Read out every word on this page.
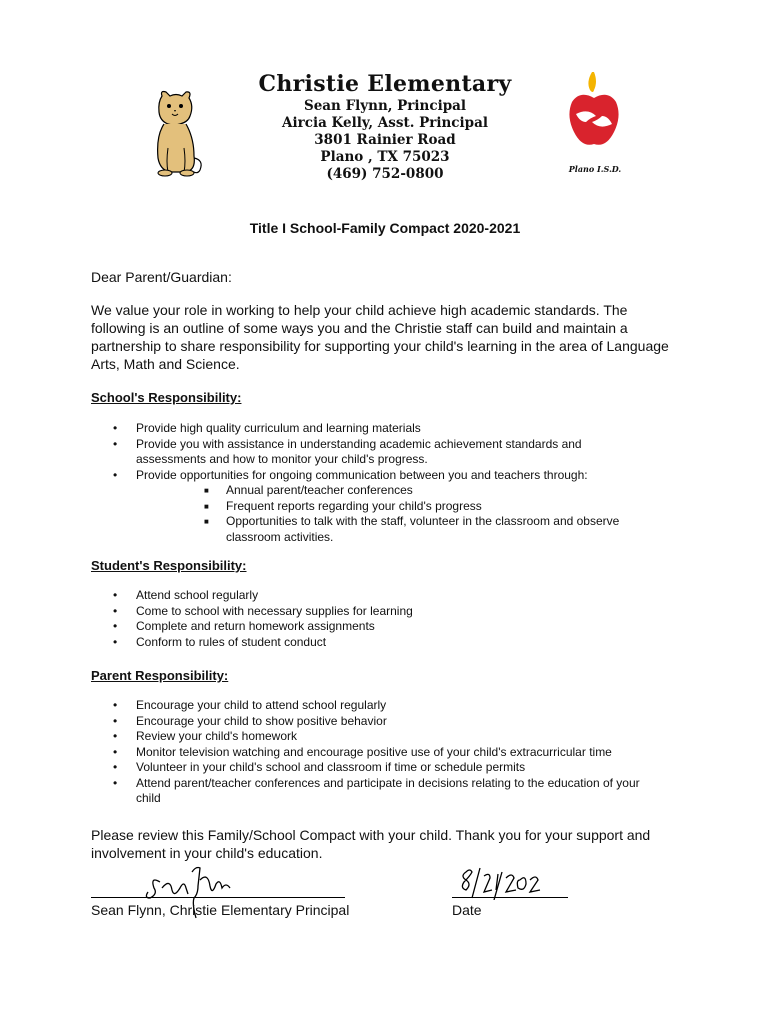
Christie Elementary
Sean Flynn, Principal
Aircia Kelly, Asst. Principal
3801 Rainier Road
Plano , TX 75023
(469) 752-0800	Plano I.S.D.
Title I School-Family Compact 2020-2021
Dear Parent/Guardian:
We value your role in working to help your child achieve high academic standards. The
following is an outline of some ways you and the Christie staff can build and maintain a
partnership to share responsibility for supporting your child's learning in the area of Language
Arts, Math and Science.
School's Responsibility:
• Provide high quality curriculum and learning materials
• Provide you with assistance in understanding academic achievement standards and
assessments and how to monitor your child's progress.
• Provide opportunities for ongoing communication between you and teachers through:
■ Annual parent/teacher conferences
■ Frequent reports regarding your child's progress
■ Opportunities to talk with the staff, volunteer in the classroom and observe
classroom activities.
Student's Responsibility:
• Attend school regularly
• Come to school with necessary supplies for learning
• Complete and return homework assignments
• Conform to rules of student conduct
Parent Responsibility:
• Encourage your child to attend school regularly
• Encourage your child to show positive behavior
• Review your child's homework
• Monitor television watching and encourage positive use of your child's extracurricular time
• Volunteer in your child's school and classroom if time or schedule permits
• Attend parent/teacher conferences and participate in decisions relating to the education of your
child
Please review this Family/School Compact with your child. Thank you for your support and
involvement in your child's education.
Sean Flynn, Christie Elementary Principal	Date
